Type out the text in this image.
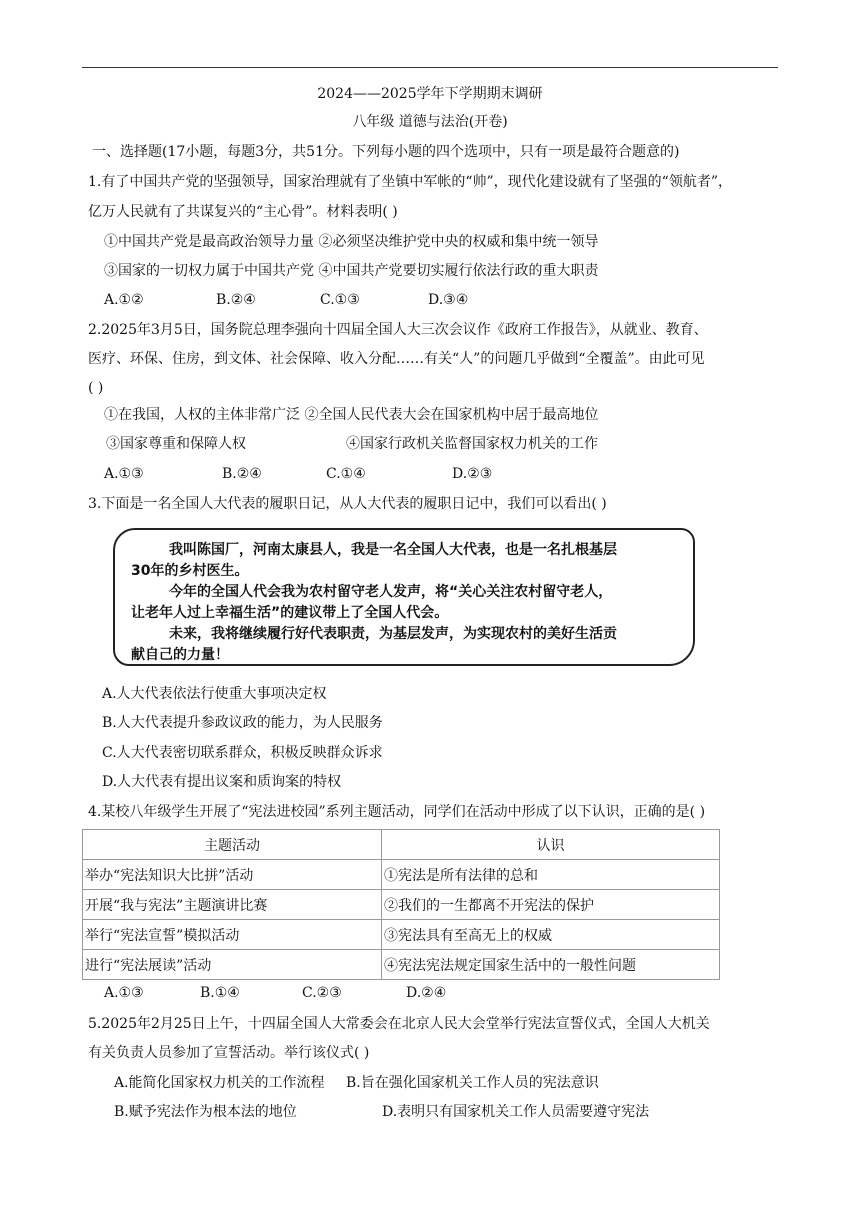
2024——2025学年下学期期末调研
八年级 道德与法治(开卷)
一、选择题(17小题，每题3分，共51分。下列每小题的四个选项中，只有一项是最符合题意的)
1.有了中国共产党的坚强领导，国家治理就有了坐镇中军帐的“帅”，现代化建设就有了坚强的“领航者”，
亿万人民就有了共谋复兴的“主心骨”。材料表明( )
①中国共产党是最高政治领导力量 ②必须坚决维护党中央的权威和集中统一领导
③国家的一切权力属于中国共产党 ④中国共产党要切实履行依法行政的重大职责
A.①②	B.②④	C.①③	D.③④
2.2025年3月5日，国务院总理李强向十四届全国人大三次会议作《政府工作报告》，从就业、教育、
医疗、环保、住房，到文体、社会保障、收入分配……有关“人”的问题几乎做到“全覆盖”。由此可见
( )
①在我国，人权的主体非常广泛 ②全国人民代表大会在国家机构中居于最高地位
③国家尊重和保障人权	④国家行政机关监督国家权力机关的工作
A.①③	B.②④	C.①④	D.②③
3.下面是一名全国人大代表的履职日记，从人大代表的履职日记中，我们可以看出( )
我叫陈国厂，河南太康县人，我是一名全国人大代表，也是一名扎根基层
30年的乡村医生。
今年的全国人代会我为农村留守老人发声，将“关心关注农村留守老人，
让老年人过上幸福生活”的建议带上了全国人代会。
未来，我将继续履行好代表职责，为基层发声，为实现农村的美好生活贡
献自己的力量！
A.人大代表依法行使重大事项决定权
B.人大代表提升参政议政的能力，为人民服务
C.人大代表密切联系群众，积极反映群众诉求
D.人大代表有提出议案和质询案的特权
4.某校八年级学生开展了“宪法进校园”系列主题活动，同学们在活动中形成了以下认识，正确的是( )
主题活动	认识
举办“宪法知识大比拼”活动	①宪法是所有法律的总和
开展“我与宪法”主题演讲比赛	②我们的一生都离不开宪法的保护
举行“宪法宣誓”模拟活动	③宪法具有至高无上的权威
进行“宪法展读”活动	④宪法宪法规定国家生活中的一般性问题
A.①③	B.①④	C.②③	D.②④
5.2025年2月25日上午，十四届全国人大常委会在北京人民大会堂举行宪法宣誓仪式，全国人大机关
有关负责人员参加了宣誓活动。举行该仪式( )
A.能简化国家权力机关的工作流程 B.旨在强化国家机关工作人员的宪法意识
B.赋予宪法作为根本法的地位	D.表明只有国家机关工作人员需要遵守宪法
